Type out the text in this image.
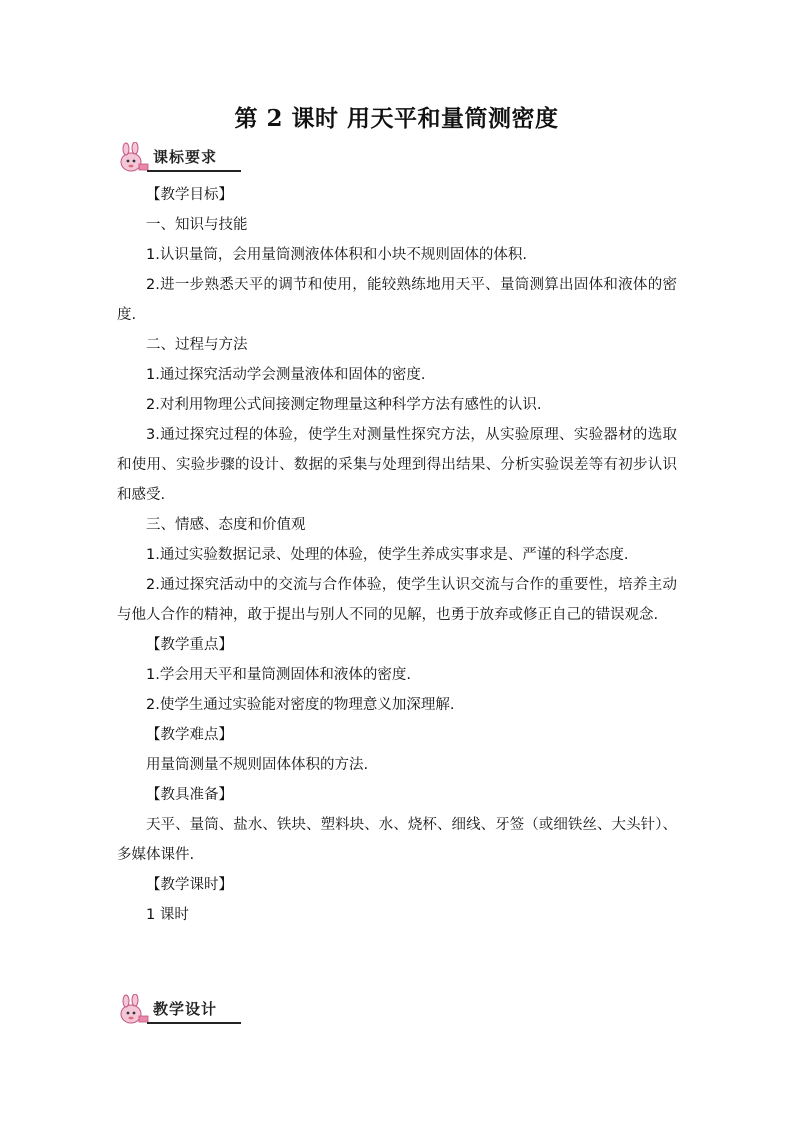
第 2 课时 用天平和量筒测密度
课标要求

【教学目标】

一、知识与技能

1.认识量筒，会用量筒测液体体积和小块不规则固体的体积.

2.进一步熟悉天平的调节和使用，能较熟练地用天平、量筒测算出固体和液体的密度.

二、过程与方法

1.通过探究活动学会测量液体和固体的密度.

2.对利用物理公式间接测定物理量这种科学方法有感性的认识.

3.通过探究过程的体验，使学生对测量性探究方法，从实验原理、实验器材的选取和使用、实验步骤的设计、数据的采集与处理到得出结果、分析实验误差等有初步认识和感受.

三、情感、态度和价值观

1.通过实验数据记录、处理的体验，使学生养成实事求是、严谨的科学态度.

2.通过探究活动中的交流与合作体验，使学生认识交流与合作的重要性，培养主动与他人合作的精神，敢于提出与别人不同的见解，也勇于放弃或修正自己的错误观念.

【教学重点】

1.学会用天平和量筒测固体和液体的密度.

2.使学生通过实验能对密度的物理意义加深理解.

【教学难点】

用量筒测量不规则固体体积的方法.

【教具准备】

天平、量筒、盐水、铁块、塑料块、水、烧杯、细线、牙签（或细铁丝、大头针）、多媒体课件.

【教学课时】

1 课时

教学设计
